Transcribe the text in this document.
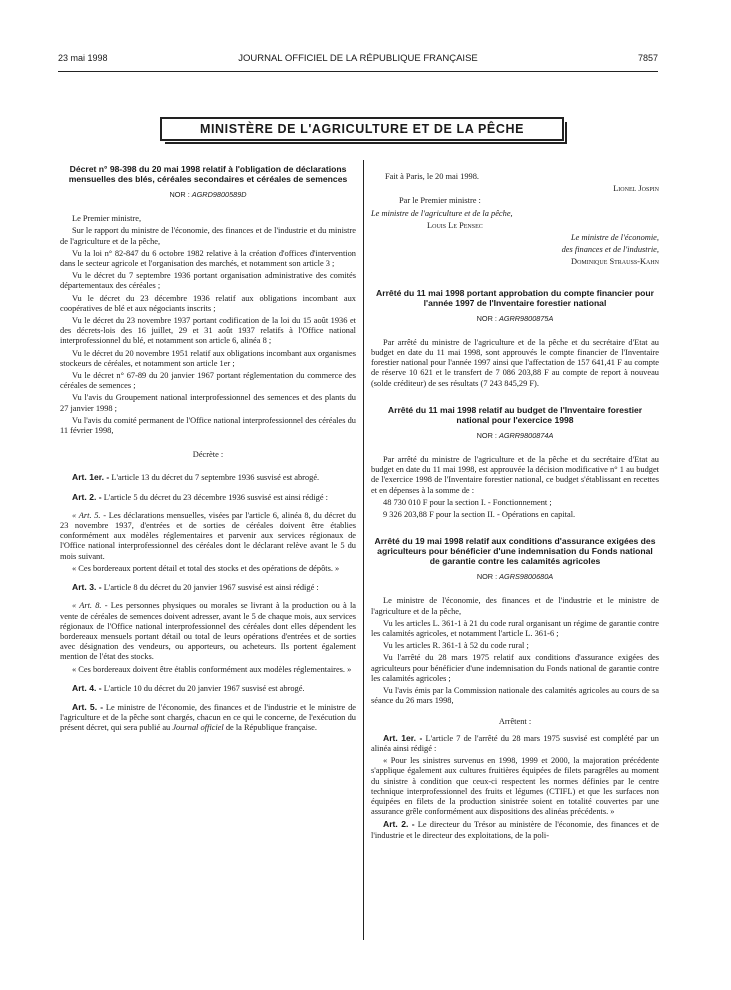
23 mai 1998	JOURNAL OFFICIEL DE LA RÉPUBLIQUE FRANÇAISE	7857
MINISTÈRE DE L'AGRICULTURE ET DE LA PÊCHE
Décret n° 98-398 du 20 mai 1998 relatif à l'obligation de déclarations mensuelles des blés, céréales secondaires et céréales de semences
NOR : AGRD9800589D

Le Premier ministre,

Sur le rapport du ministre de l'économie, des finances et de l'industrie et du ministre de l'agriculture et de la pêche,

Vu la loi n° 82-847 du 6 octobre 1982 relative à la création d'offices d'intervention dans le secteur agricole et l'organisation des marchés, et notamment son article 3 ;

Vu le décret du 7 septembre 1936 portant organisation administrative des comités départementaux des céréales ;

Vu le décret du 23 décembre 1936 relatif aux obligations incombant aux coopératives de blé et aux négociants inscrits ;

Vu le décret du 23 novembre 1937 portant codification de la loi du 15 août 1936 et des décrets-lois des 16 juillet, 29 et 31 août 1937 relatifs à l'Office national interprofessionnel du blé, et notamment son article 6, alinéa 8 ;

Vu le décret du 20 novembre 1951 relatif aux obligations incombant aux organismes stockeurs de céréales, et notamment son article 1er ;

Vu le décret n° 67-89 du 20 janvier 1967 portant réglementation du commerce des céréales de semences ;

Vu l'avis du Groupement national interprofessionnel des semences et des plants du 27 janvier 1998 ;

Vu l'avis du comité permanent de l'Office national interprofessionnel des céréales du 11 février 1998,

Décrète :

Art. 1er. - L'article 13 du décret du 7 septembre 1936 susvisé est abrogé.

Art. 2. - L'article 5 du décret du 23 décembre 1936 susvisé est ainsi rédigé :

« Art. 5. - Les déclarations mensuelles, visées par l'article 6, alinéa 8, du décret du 23 novembre 1937, d'entrées et de sorties de céréales doivent être établies conformément aux modèles réglementaires et parvenir aux services régionaux de l'Office national interprofessionnel des céréales dont le déclarant relève avant le 5 du mois suivant.

« Ces bordereaux portent détail et total des stocks et des opérations de dépôts. »

Art. 3. - L'article 8 du décret du 20 janvier 1967 susvisé est ainsi rédigé :

« Art. 8. - Les personnes physiques ou morales se livrant à la production ou à la vente de céréales de semences doivent adresser, avant le 5 de chaque mois, aux services régionaux de l'Office national interprofessionnel des céréales dont elles dépendent les bordereaux mensuels portant détail ou total de leurs opérations d'entrées et de sorties avec désignation des vendeurs, ou apporteurs, ou acheteurs. Ils portent également mention de l'état des stocks.

« Ces bordereaux doivent être établis conformément aux modèles réglementaires. »

Art. 4. - L'article 10 du décret du 20 janvier 1967 susvisé est abrogé.

Art. 5. - Le ministre de l'économie, des finances et de l'industrie et le ministre de l'agriculture et de la pêche sont chargés, chacun en ce qui le concerne, de l'exécution du présent décret, qui sera publié au Journal officiel de la République française.

Fait à Paris, le 20 mai 1998.

Lionel Jospin

Par le Premier ministre :

Le ministre de l'agriculture et de la pêche,

Louis Le Pensec

Le ministre de l'économie,

des finances et de l'industrie,

Dominique Strauss-Kahn

Arrêté du 11 mai 1998 portant approbation du compte financier pour l'année 1997 de l'Inventaire forestier national
NOR : AGRR9800875A

Par arrêté du ministre de l'agriculture et de la pêche et du secrétaire d'Etat au budget en date du 11 mai 1998, sont approuvés le compte financier de l'Inventaire forestier national pour l'année 1997 ainsi que l'affectation de 157 641,41 F au compte de réserve 10 621 et le transfert de 7 086 203,88 F au compte de report à nouveau (solde créditeur) de ses résultats (7 243 845,29 F).

Arrêté du 11 mai 1998 relatif au budget de l'Inventaire forestier national pour l'exercice 1998
NOR : AGRR9800874A

Par arrêté du ministre de l'agriculture et de la pêche et du secrétaire d'Etat au budget en date du 11 mai 1998, est approuvée la décision modificative n° 1 au budget de l'exercice 1998 de l'Inventaire forestier national, ce budget s'établissant en recettes et en dépenses à la somme de :

48 730 010 F pour la section I. - Fonctionnement ;

9 326 203,88 F pour la section II. - Opérations en capital.

Arrêté du 19 mai 1998 relatif aux conditions d'assurance exigées des agriculteurs pour bénéficier d'une indemnisation du Fonds national de garantie contre les calamités agricoles
NOR : AGRS9800680A

Le ministre de l'économie, des finances et de l'industrie et le ministre de l'agriculture et de la pêche,

Vu les articles L. 361-1 à 21 du code rural organisant un régime de garantie contre les calamités agricoles, et notamment l'article L. 361-6 ;

Vu les articles R. 361-1 à 52 du code rural ;

Vu l'arrêté du 28 mars 1975 relatif aux conditions d'assurance exigées des agriculteurs pour bénéficier d'une indemnisation du Fonds national de garantie contre les calamités agricoles ;

Vu l'avis émis par la Commission nationale des calamités agricoles au cours de sa séance du 26 mars 1998,

Arrêtent :

Art. 1er. - L'article 7 de l'arrêté du 28 mars 1975 susvisé est complété par un alinéa ainsi rédigé :

« Pour les sinistres survenus en 1998, 1999 et 2000, la majoration précédente s'applique également aux cultures fruitières équipées de filets paragrêles au moment du sinistre à condition que ceux-ci respectent les normes définies par le centre technique interprofessionnel des fruits et légumes (CTIFL) et que les surfaces non équipées en filets de la production sinistrée soient en totalité couvertes par une assurance grêle conformément aux dispositions des alinéas précédents. »

Art. 2. - Le directeur du Trésor au ministère de l'économie, des finances et de l'industrie et le directeur des exploitations, de la poli-
